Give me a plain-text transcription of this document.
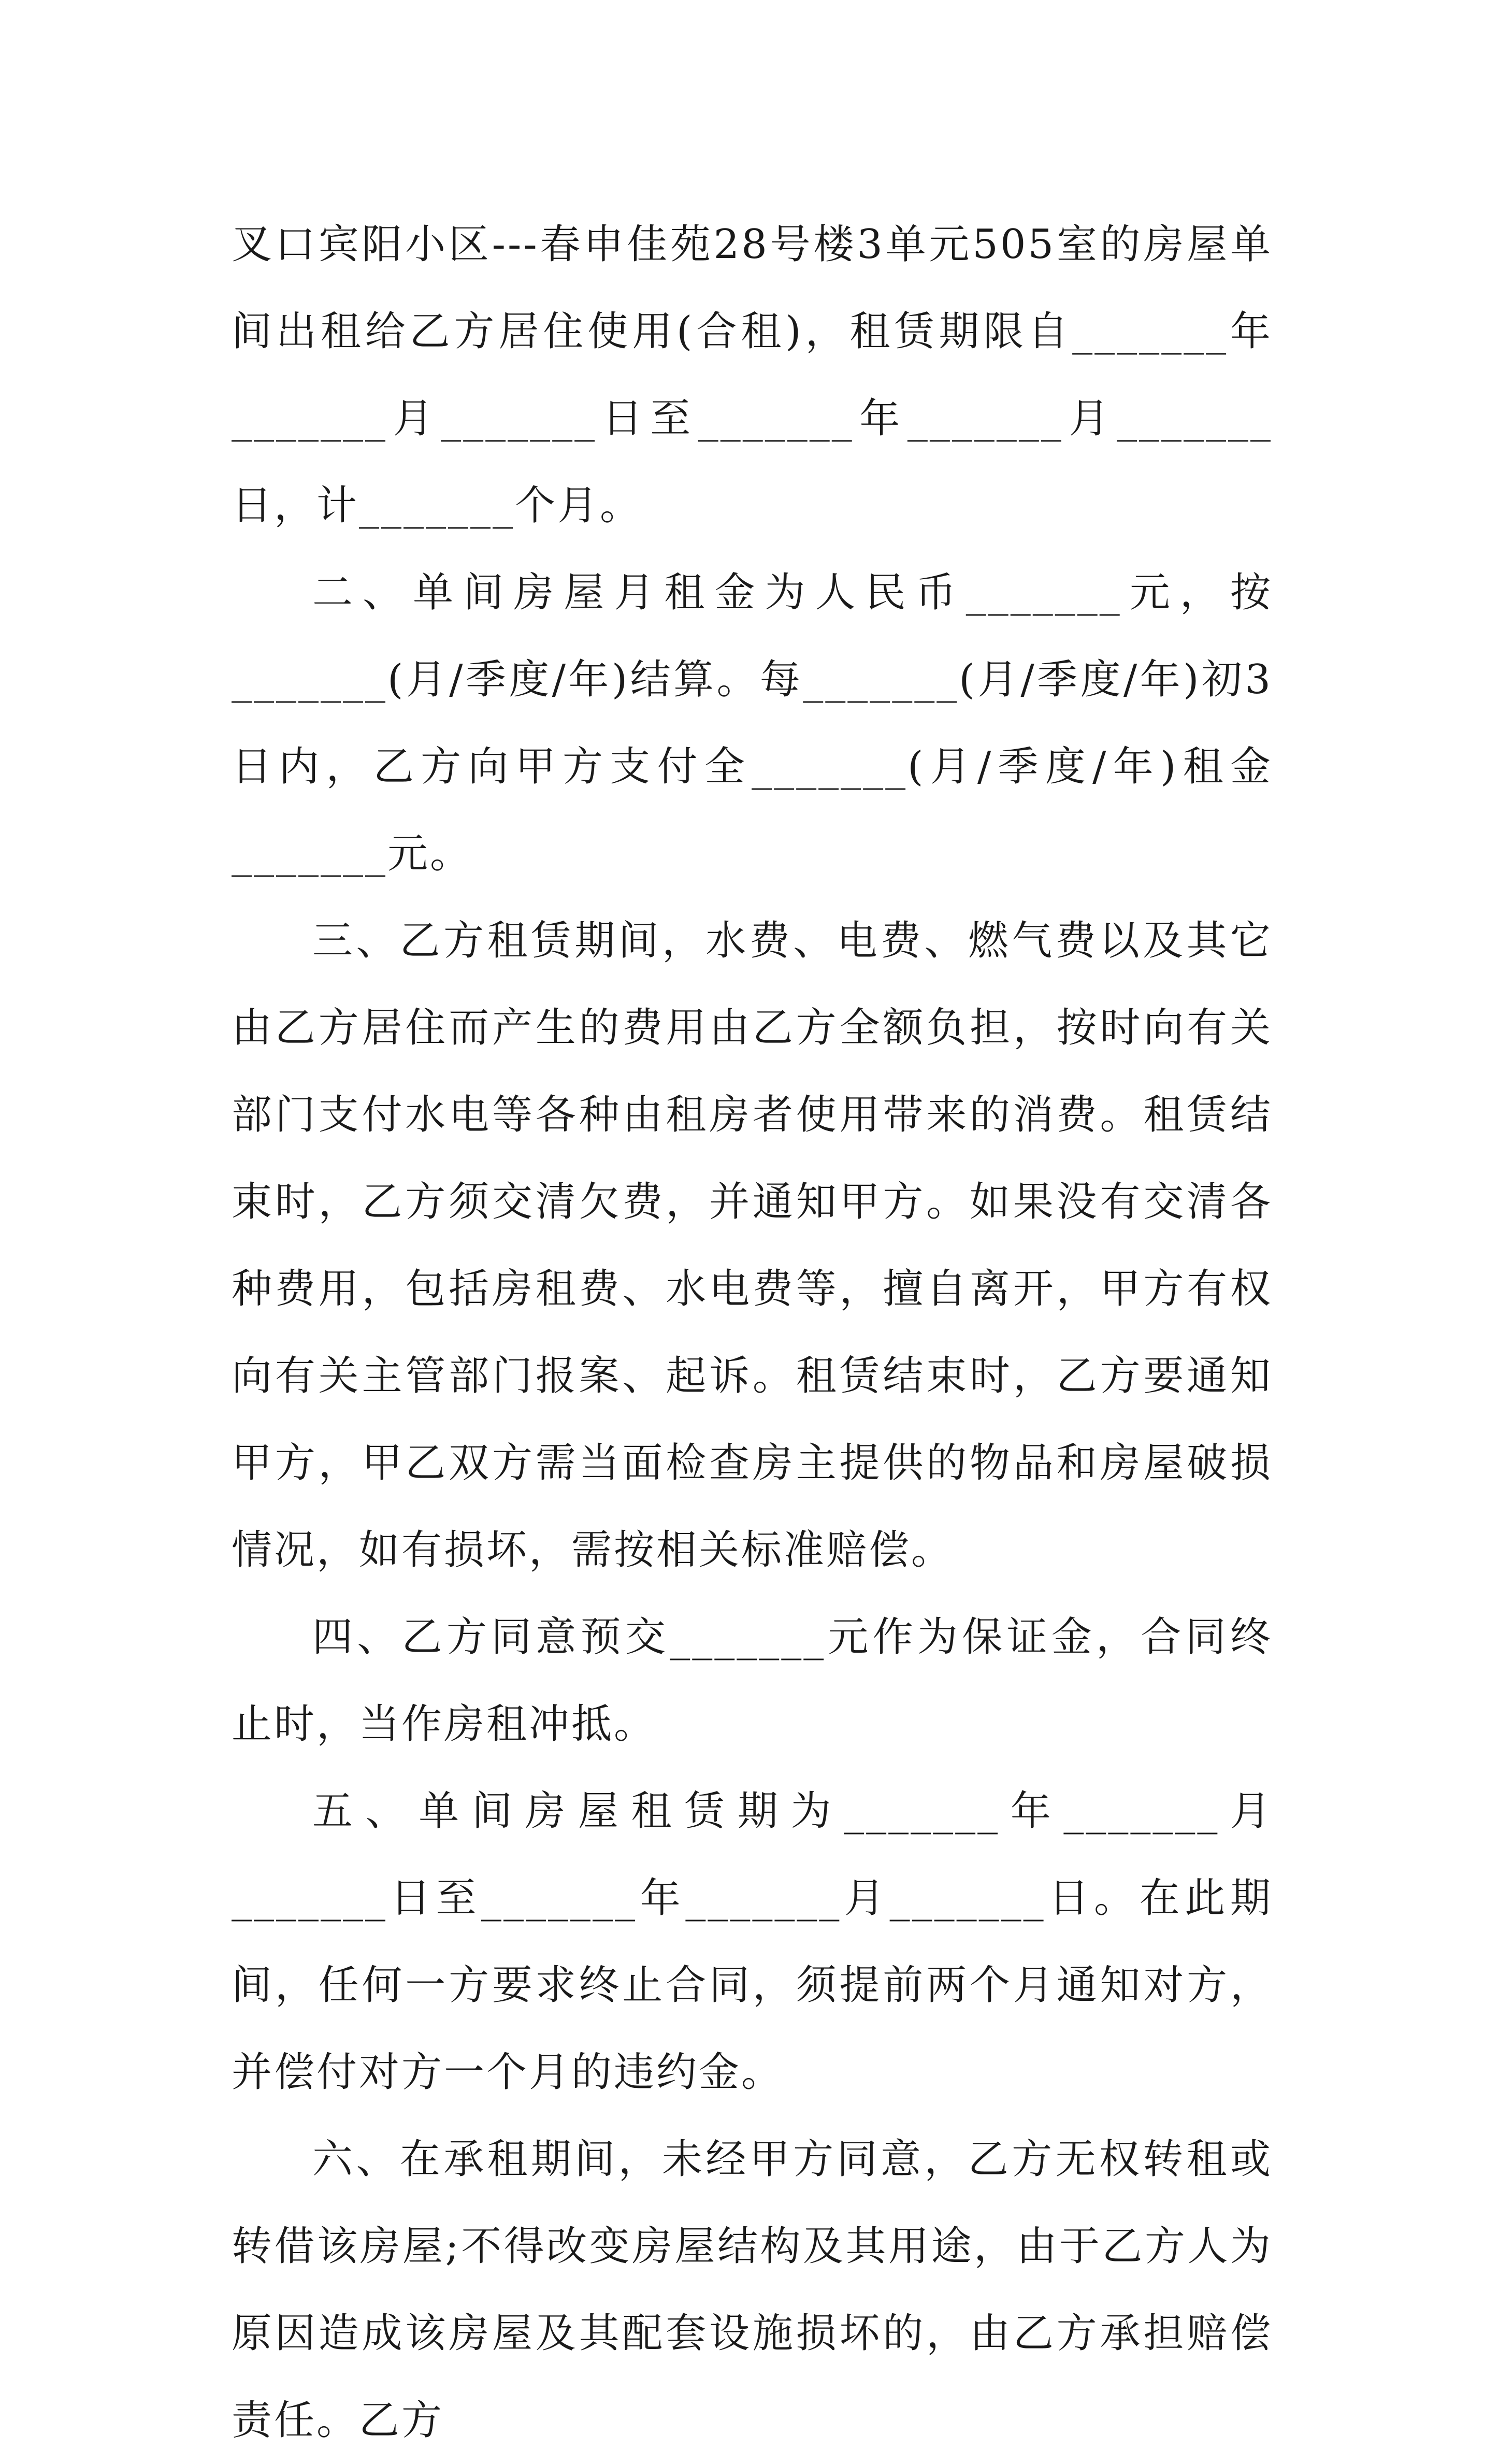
叉口宾阳小区---春申佳苑28号楼3单元505室的房屋单间出租给乙方居住使用(合租)，租赁期限自_______年_______月_______日至_______年_______月_______日，计_______个月。

二、单间房屋月租金为人民币_______元，按_______(月/季度/年)结算。每_______(月/季度/年)初3日内，乙方向甲方支付全_______(月/季度/年)租金_______元。

三、乙方租赁期间，水费、电费、燃气费以及其它由乙方居住而产生的费用由乙方全额负担，按时向有关部门支付水电等各种由租房者使用带来的消费。租赁结束时，乙方须交清欠费，并通知甲方。如果没有交清各种费用，包括房租费、水电费等，擅自离开，甲方有权向有关主管部门报案、起诉。租赁结束时，乙方要通知甲方，甲乙双方需当面检查房主提供的物品和房屋破损情况，如有损坏，需按相关标准赔偿。

四、乙方同意预交_______元作为保证金，合同终止时，当作房租冲抵。

五、单间房屋租赁期为_______年_______月_______日至_______年_______月_______日。在此期间，任何一方要求终止合同，须提前两个月通知对方，并偿付对方一个月的违约金。

六、在承租期间，未经甲方同意，乙方无权转租或转借该房屋;不得改变房屋结构及其用途，由于乙方人为原因造成该房屋及其配套设施损坏的，由乙方承担赔偿责任。乙方
